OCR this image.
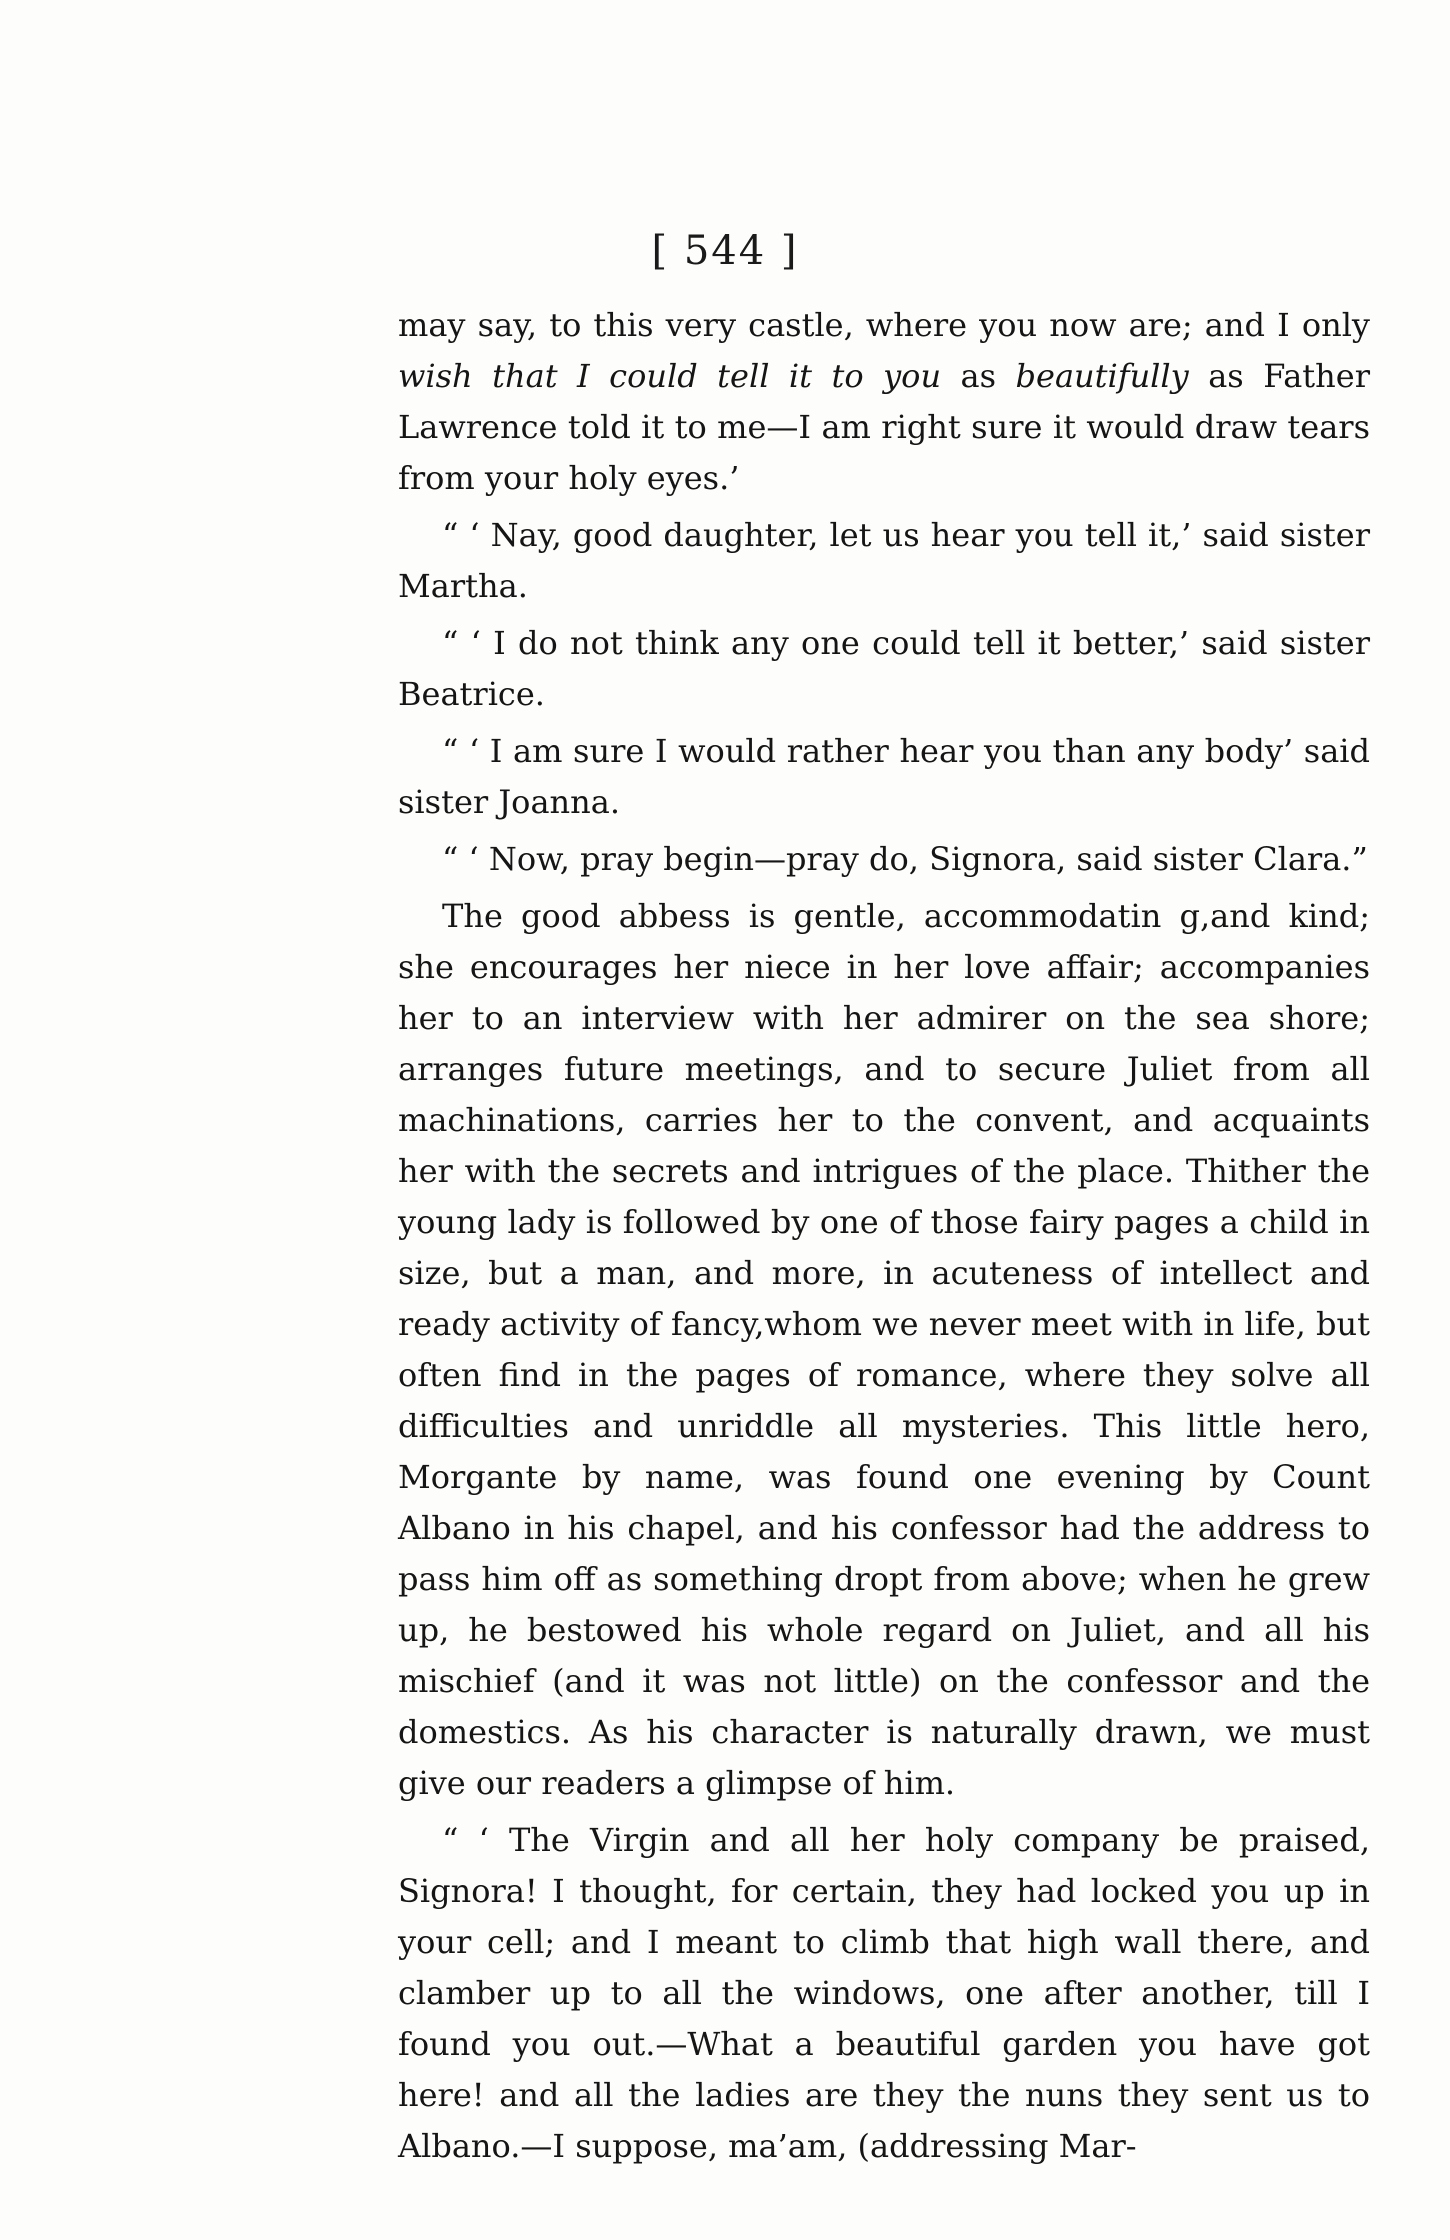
[ 544 ]

may say, to this very castle, where you now are; and I only wish that I could tell it to you as beautifully as Father Lawrence told it to me—I am right sure it would draw tears from your holy eyes.’

“ ‘ Nay, good daughter, let us hear you tell it,’ said sister Martha.

“ ‘ I do not think any one could tell it better,’ said sister Beatrice.

“ ‘ I am sure I would rather hear you than any body’ said sister Joanna.

“ ‘ Now, pray begin—pray do, Signora, said sister Clara.”

The good abbess is gentle, accommodatin g,and kind; she encourages her niece in her love affair; accompanies her to an interview with her admirer on the sea shore; arranges future meetings, and to secure Juliet from all machinations, carries her to the convent, and acquaints her with the secrets and intrigues of the place. Thither the young lady is followed by one of those fairy pages a child in size, but a man, and more, in acuteness of intellect and ready activity of fancy,whom we never meet with in life, but often find in the pages of romance, where they solve all difficulties and unriddle all mysteries. This little hero, Morgante by name, was found one evening by Count Albano in his chapel, and his confessor had the address to pass him off as something dropt from above; when he grew up, he bestowed his whole regard on Juliet, and all his mischief (and it was not little) on the confessor and the domestics. As his character is naturally drawn, we must give our readers a glimpse of him.

“ ‘ The Virgin and all her holy company be praised, Signora! I thought, for certain, they had locked you up in your cell; and I meant to climb that high wall there, and clamber up to all the windows, one after another, till I found you out.—What a beautiful garden you have got here! and all the ladies are they the nuns they sent us to Albano.—I suppose, ma’am, (addressing Mar-
